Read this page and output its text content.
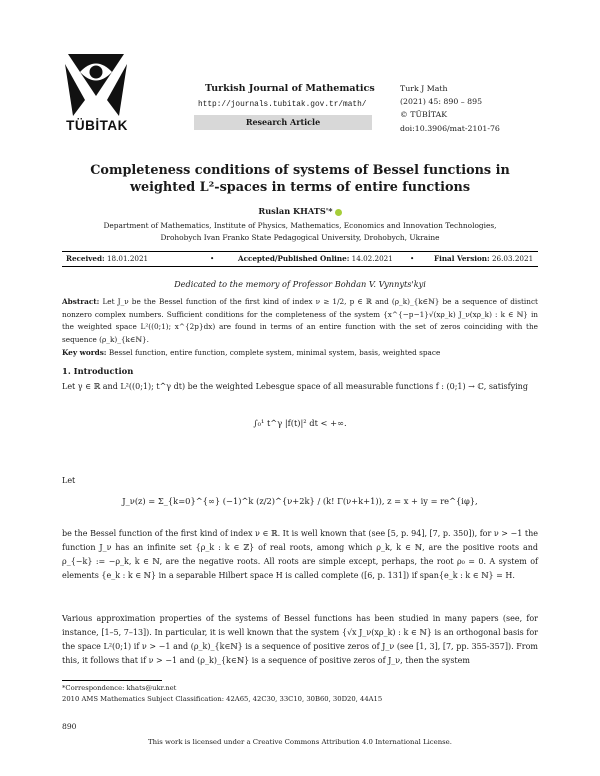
TÜBİTAK
Turkish Journal of Mathematics
http://journals.tubitak.gov.tr/math/
Research Article
Turk J Math
(2021) 45: 890 – 895
© TÜBİTAK
doi:10.3906/mat-2101-76
Completeness conditions of systems of Bessel functions in weighted L²-spaces in terms of entire functions
Ruslan KHATS'*
Department of Mathematics, Institute of Physics, Mathematics, Economics and Innovation Technologies,
Drohobych Ivan Franko State Pedagogical University, Drohobych, Ukraine
Received: 18.01.2021	•	Accepted/Published Online: 14.02.2021 •	Final Version: 26.03.2021
Dedicated to the memory of Professor Bohdan V. Vynnyts'kyi
Abstract: Let J_ν be the Bessel function of the first kind of index ν ≥ 1/2, p ∈ ℝ and (ρ_k)_{k∈ℕ} be a sequence of distinct nonzero complex numbers. Sufficient conditions for the completeness of the system {x^{−p−1}√(xρ_k) J_ν(xρ_k) : k ∈ ℕ} in the weighted space L²((0;1); x^{2p}dx) are found in terms of an entire function with the set of zeros coinciding with the sequence (ρ_k)_{k∈ℕ}.
Key words: Bessel function, entire function, complete system, minimal system, basis, weighted space
1. Introduction
Let γ ∈ ℝ and L²((0;1); t^γ dt) be the weighted Lebesgue space of all measurable functions f : (0;1) → ℂ, satisfying
∫₀¹ t^γ |f(t)|² dt < +∞.
Let
J_ν(z) = Σ_{k=0}^{∞} (−1)^k (z/2)^{ν+2k} / (k! Γ(ν+k+1)), z = x + iy = re^{iφ},
be the Bessel function of the first kind of index ν ∈ ℝ. It is well known that (see [5, p. 94], [7, p. 350]), for ν > −1 the function J_ν has an infinite set {ρ_k : k ∈ ℤ} of real roots, among which ρ_k, k ∈ ℕ, are the positive roots and ρ_{−k} := −ρ_k, k ∈ ℕ, are the negative roots. All roots are simple except, perhaps, the root ρ₀ = 0. A system of elements {e_k : k ∈ ℕ} in a separable Hilbert space H is called complete ([6, p. 131]) if span{e_k : k ∈ ℕ} = H.
Various approximation properties of the systems of Bessel functions has been studied in many papers (see, for instance, [1–5, 7–13]). In particular, it is well known that the system {√x J_ν(xρ_k) : k ∈ ℕ} is an orthogonal basis for the space L²(0;1) if ν > −1 and (ρ_k)_{k∈ℕ} is a sequence of positive zeros of J_ν (see [1, 3], [7, pp. 355-357]). From this, it follows that if ν > −1 and (ρ_k)_{k∈ℕ} is a sequence of positive zeros of J_ν, then the system
*Correspondence: khats@ukr.net
2010 AMS Mathematics Subject Classification: 42A65, 42C30, 33C10, 30B60, 30D20, 44A15
890
This work is licensed under a Creative Commons Attribution 4.0 International License.
